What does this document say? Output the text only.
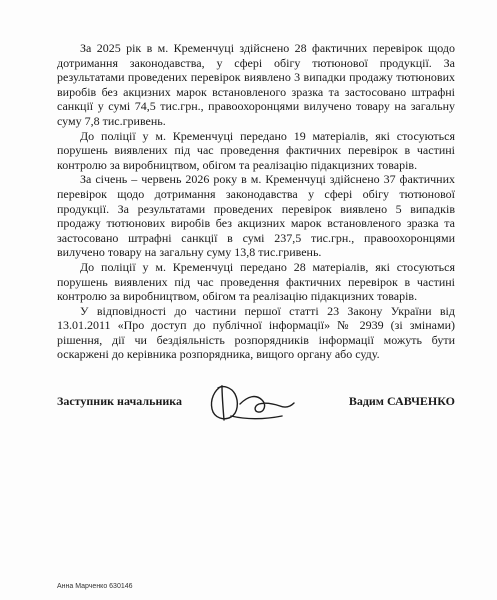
За 2025 рік в м. Кременчуці здійснено 28 фактичних перевірок щодо дотримання законодавства, у сфері обігу тютюнової продукції. За результатами проведених перевірок виявлено 3 випадки продажу тютюнових виробів без акцизних марок встановленого зразка та застосовано штрафні санкції у сумі 74,5 тис.грн., правоохоронцями вилучено товару на загальну суму 7,8 тис.гривень.

До поліції у м. Кременчуці передано 19 матеріалів, які стосуються порушень виявлених під час проведення фактичних перевірок в частині контролю за виробництвом, обігом та реалізацію підакцизних товарів.

За січень – червень 2026 року в м. Кременчуці здійснено 37 фактичних перевірок щодо дотримання законодавства у сфері обігу тютюнової продукції. За результатами проведених перевірок виявлено 5 випадків продажу тютюнових виробів без акцизних марок встановленого зразка та застосовано штрафні санкції в сумі 237,5 тис.грн., правоохоронцями вилучено товару на загальну суму 13,8 тис.гривень.

До поліції у м. Кременчуці передано 28 матеріалів, які стосуються порушень виявлених під час проведення фактичних перевірок в частині контролю за виробництвом, обігом та реалізацію підакцизних товарів.

У відповідності до частини першої статті 23 Закону України від 13.01.2011 «Про доступ до публічної інформації» № 2939 (зі змінами) рішення, дії чи бездіяльність розпорядників інформації можуть бути оскаржені до керівника розпорядника, вищого органу або суду.

Заступник начальника	Вадим САВЧЕНКО
Анна Марченко 630146
